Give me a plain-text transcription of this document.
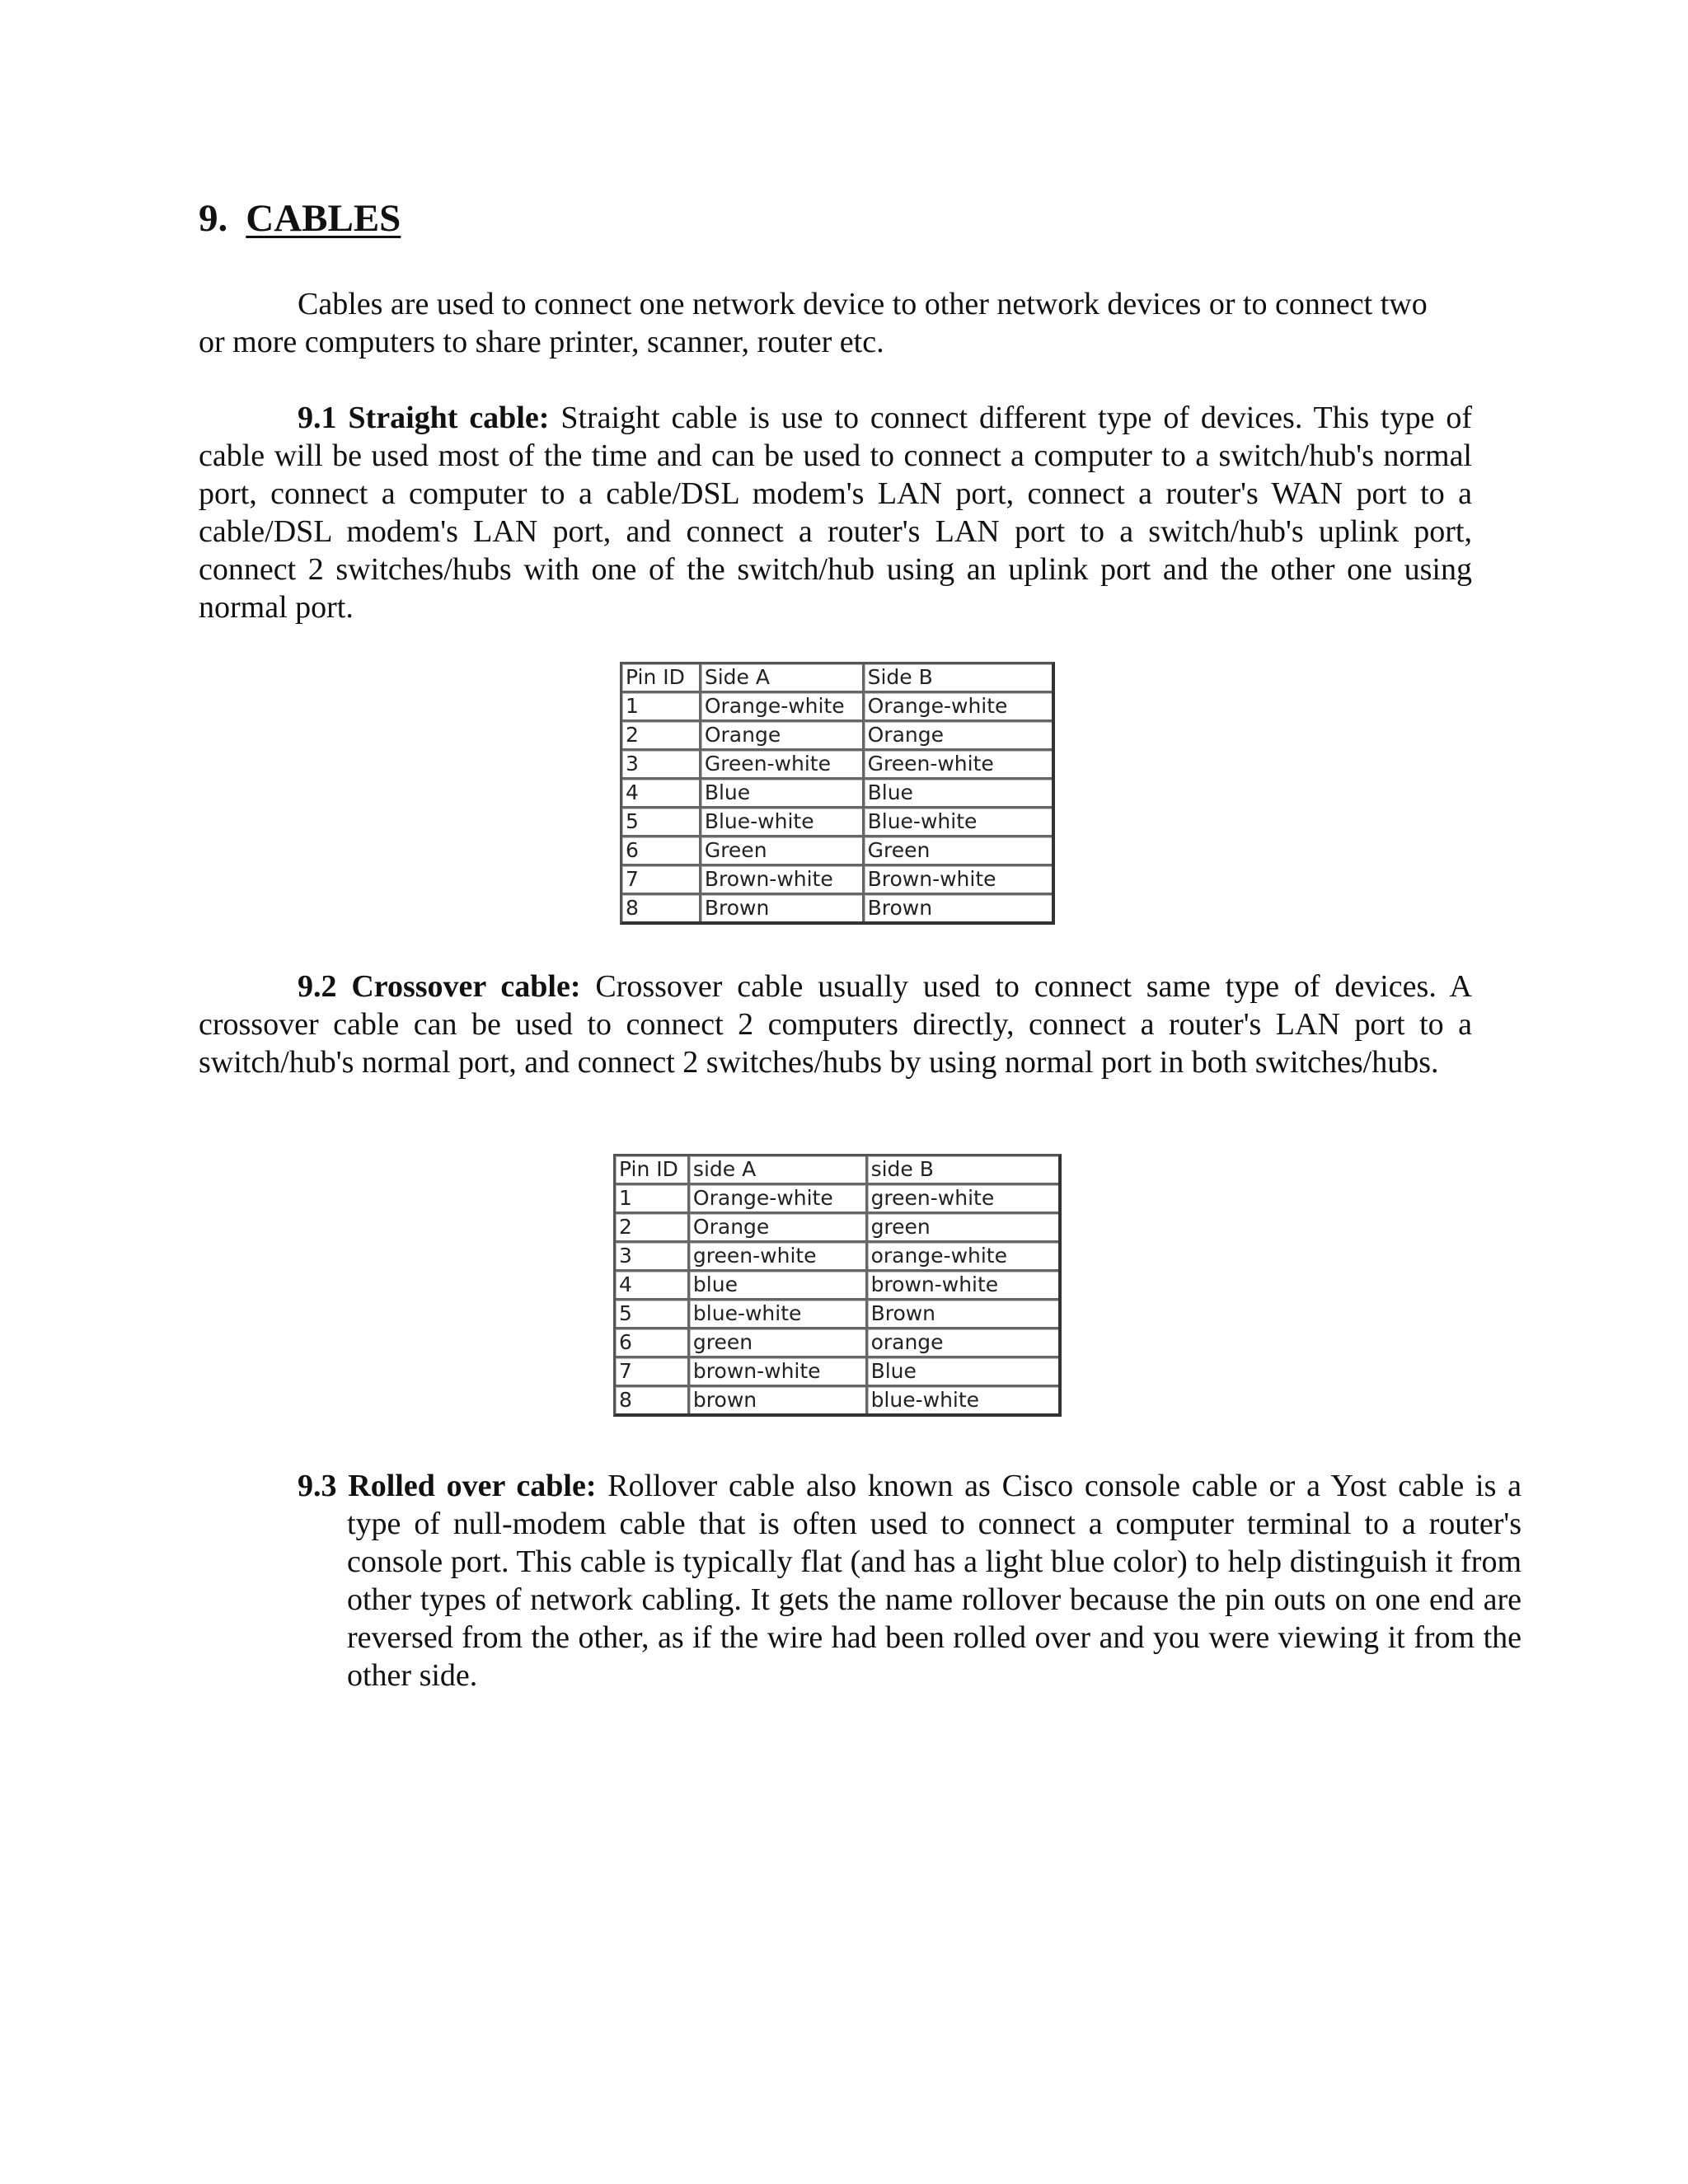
9. CABLES

Cables are used to connect one network device to other network devices or to connect two or more computers to share printer, scanner, router etc.

9.1 Straight cable: Straight cable is use to connect different type of devices. This type of cable will be used most of the time and can be used to connect a computer to a switch/hub's normal port, connect a computer to a cable/DSL modem's LAN port, connect a router's WAN port to a cable/DSL modem's LAN port, and connect a router's LAN port to a switch/hub's uplink port, connect 2 switches/hubs with one of the switch/hub using an uplink port and the other one using normal port.

Pin ID	Side A	Side B
1	Orange-white	Orange-white
2	Orange	Orange
3	Green-white	Green-white
4	Blue	Blue
5	Blue-white	Blue-white
6	Green	Green
7	Brown-white	Brown-white
8	Brown	Brown

9.2 Crossover cable: Crossover cable usually used to connect same type of devices. A crossover cable can be used to connect 2 computers directly, connect a router's LAN port to a switch/hub's normal port, and connect 2 switches/hubs by using normal port in both switches/hubs.

Pin ID	side A	side B
1	Orange-white	green-white
2	Orange	green
3	green-white	orange-white
4	blue	brown-white
5	blue-white	Brown
6	green	orange
7	brown-white	Blue
8	brown	blue-white

9.3 Rolled over cable: Rollover cable also known as Cisco console cable or a Yost cable is a type of null-modem cable that is often used to connect a computer terminal to a router's console port. This cable is typically flat (and has a light blue color) to help distinguish it from other types of network cabling. It gets the name rollover because the pin outs on one end are reversed from the other, as if the wire had been rolled over and you were viewing it from the other side.
